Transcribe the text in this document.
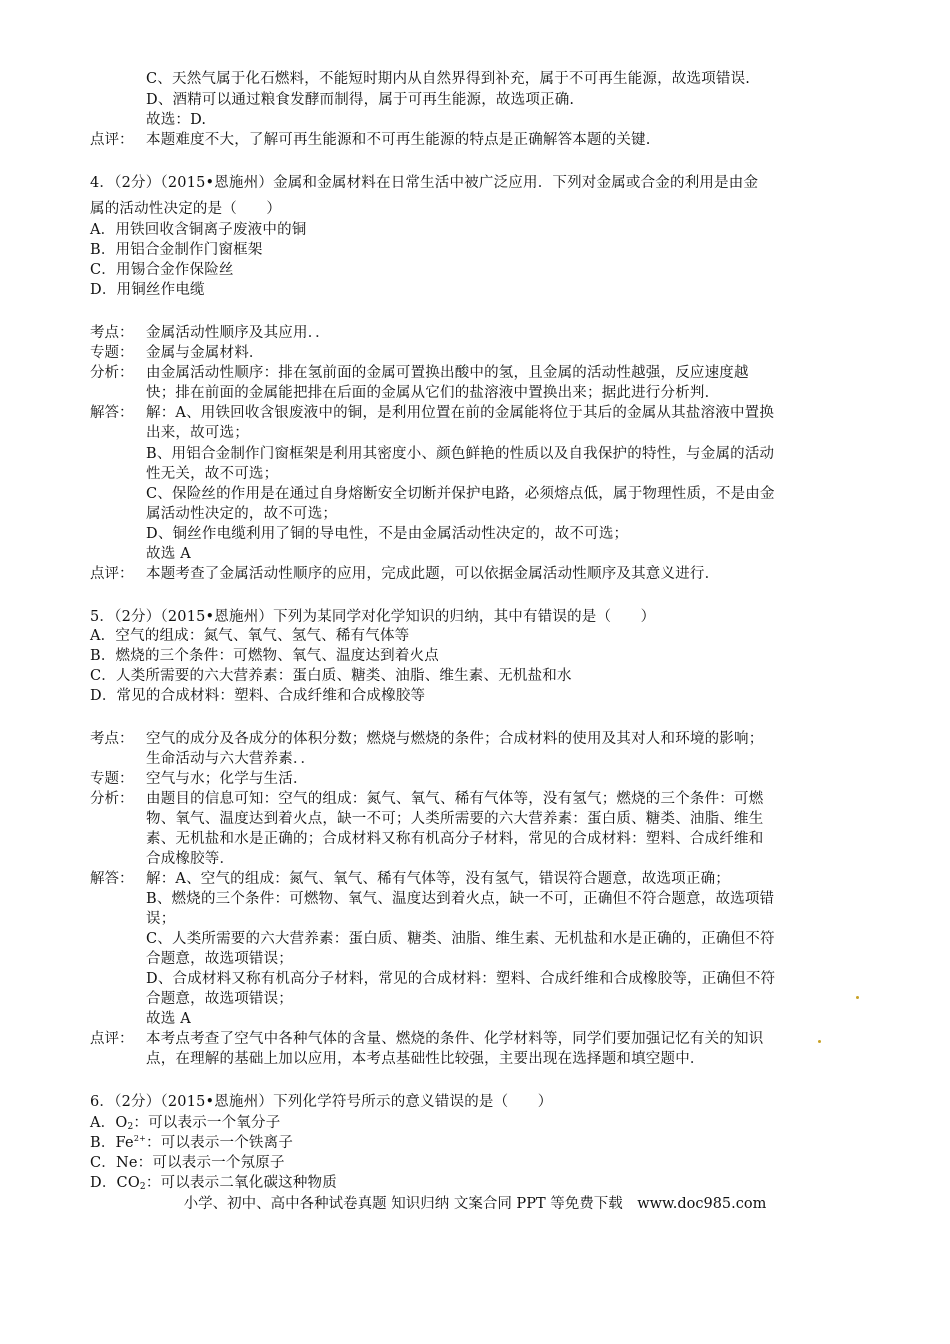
C、天然气属于化石燃料，不能短时期内从自然界得到补充，属于不可再生能源，故选项错误.
D、酒精可以通过粮食发酵而制得，属于可再生能源，故选项正确.
故选：D.
点评： 本题难度不大，了解可再生能源和不可再生能源的特点是正确解答本题的关键.
4．（2分）（2015•恩施州）金属和金属材料在日常生活中被广泛应用．下列对金属或合金的利用是由金
属的活动性决定的是（　　）
A．用铁回收含铜离子废液中的铜
B．用铝合金制作门窗框架
C．用锡合金作保险丝
D．用铜丝作电缆
考点： 金属活动性顺序及其应用．．
专题： 金属与金属材料．
分析： 由金属活动性顺序：排在氢前面的金属可置换出酸中的氢，且金属的活动性越强，反应速度越
快；排在前面的金属能把排在后面的金属从它们的盐溶液中置换出来；据此进行分析判．
解答： 解：A、用铁回收含银废液中的铜，是利用位置在前的金属能将位于其后的金属从其盐溶液中置换
出来，故可选；
B、用铝合金制作门窗框架是利用其密度小、颜色鲜艳的性质以及自我保护的特性，与金属的活动
性无关，故不可选；
C、保险丝的作用是在通过自身熔断安全切断并保护电路，必须熔点低，属于物理性质，不是由金
属活动性决定的，故不可选；
D、铜丝作电缆利用了铜的导电性，不是由金属活动性决定的，故不可选；
故选 A
点评： 本题考查了金属活动性顺序的应用，完成此题，可以依据金属活动性顺序及其意义进行．
5．（2分）（2015•恩施州）下列为某同学对化学知识的归纳，其中有错误的是（　　）
A．空气的组成：氮气、氧气、氢气、稀有气体等
B．燃烧的三个条件：可燃物、氧气、温度达到着火点
C．人类所需要的六大营养素：蛋白质、糖类、油脂、维生素、无机盐和水
D．常见的合成材料：塑料、合成纤维和合成橡胶等
考点： 空气的成分及各成分的体积分数；燃烧与燃烧的条件；合成材料的使用及其对人和环境的影响；
生命活动与六大营养素．．
专题： 空气与水；化学与生活．
分析： 由题目的信息可知：空气的组成：氮气、氧气、稀有气体等，没有氢气；燃烧的三个条件：可燃
物、氧气、温度达到着火点，缺一不可；人类所需要的六大营养素：蛋白质、糖类、油脂、维生
素、无机盐和水是正确的；合成材料又称有机高分子材料，常见的合成材料：塑料、合成纤维和
合成橡胶等．
解答： 解：A、空气的组成：氮气、氧气、稀有气体等，没有氢气，错误符合题意，故选项正确；
B、燃烧的三个条件：可燃物、氧气、温度达到着火点，缺一不可，正确但不符合题意，故选项错
误；
C、人类所需要的六大营养素：蛋白质、糖类、油脂、维生素、无机盐和水是正确的，正确但不符
合题意，故选项错误；
D、合成材料又称有机高分子材料，常见的合成材料：塑料、合成纤维和合成橡胶等，正确但不符
合题意，故选项错误；
故选 A
点评： 本考点考查了空气中各种气体的含量、燃烧的条件、化学材料等，同学们要加强记忆有关的知识
点，在理解的基础上加以应用，本考点基础性比较强，主要出现在选择题和填空题中．
6．（2分）（2015•恩施州）下列化学符号所示的意义错误的是（　　）
A．$O_2$：可以表示一个氧分子
B．$Fe^{2+}$：可以表示一个铁离子
C．Ne：可以表示一个氖原子
D．$CO_2$：可以表示二氧化碳这种物质
小学、初中、高中各种试卷真题 知识归纳 文案合同 PPT 等免费下载　www.doc985.com
